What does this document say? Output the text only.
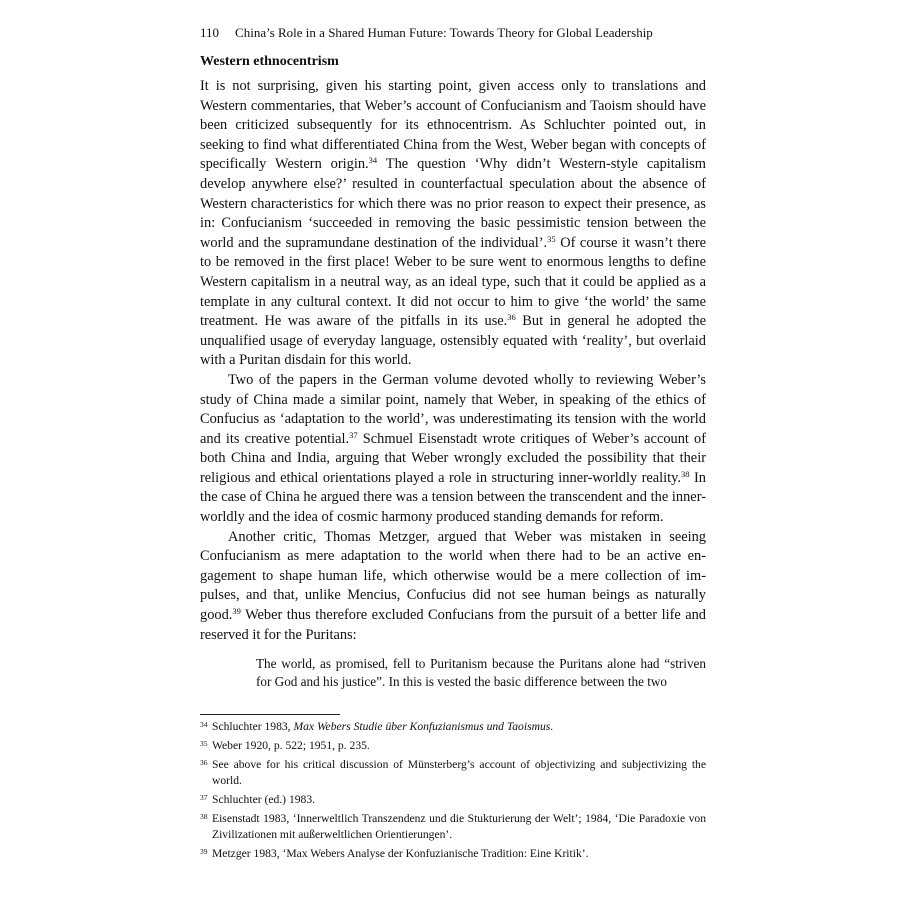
110 China’s Role in a Shared Human Future: Towards Theory for Global Leadership
Western ethnocentrism

It is not surprising, given his starting point, given access only to translations and Western commentaries, that Weber’s account of Confucianism and Taoism should have been criticized subsequently for its ethnocentrism. As Schluchter pointed out, in seeking to find what differentiated China from the West, Weber began with concepts of specifically Western origin.$^{34}$ The question ‘Why didn’t Western-style capitalism develop anywhere else?’ resulted in counterfactual speculation about the absence of Western characteristics for which there was no prior reason to expect their presence, as in: Confucianism ‘succeeded in removing the basic pessimistic tension between the world and the supramundane destination of the individual’.$^{35}$ Of course it wasn’t there to be removed in the first place! Weber to be sure went to enormous lengths to define Western capitalism in a neutral way, as an ideal type, such that it could be applied as a template in any cultural context. It did not occur to him to give ‘the world’ the same treatment. He was aware of the pitfalls in its use.$^{36}$ But in general he adopted the unqualified usage of everyday language, ostensibly equated with ‘reality’, but overlaid with a Puritan disdain for this world.

Two of the papers in the German volume devoted wholly to reviewing Weber’s study of China made a similar point, namely that Weber, in speaking of the ethics of Confucius as ‘adaptation to the world’, was underestimating its tension with the world and its creative potential.$^{37}$ Schmuel Eisenstadt wrote critiques of Weber’s account of both China and India, arguing that Weber wrongly excluded the possibility that their religious and ethical orientations played a role in structuring inner-worldly reality.$^{38}$ In the case of China he argued there was a tension between the transcendent and the inner-worldly and the idea of cosmic harmony produced standing demands for reform.

Another critic, Thomas Metzger, argued that Weber was mistaken in seeing Confucianism as mere adaptation to the world when there had to be an active engagement to shape human life, which otherwise would be a mere collection of impulses, and that, unlike Mencius, Confucius did not see human beings as naturally good.$^{39}$ Weber thus therefore excluded Confucians from the pursuit of a better life and reserved it for the Puritans:

The world, as promised, fell to Puritanism because the Puritans alone had “striven for God and his justice”. In this is vested the basic difference between the two

34 Schluchter 1983, Max Webers Studie über Konfuzianismus und Taoismus.
35 Weber 1920, p. 522; 1951, p. 235.
36 See above for his critical discussion of Münsterberg’s account of objectivizing and subjectivizing the world.
37 Schluchter (ed.) 1983.
38 Eisenstadt 1983, ‘Innerweltlich Transzendenz und die Stukturierung der Welt’; 1984, ‘Die Paradoxie von Zivilizationen mit außerweltlichen Orientierungen’.
39 Metzger 1983, ‘Max Webers Analyse der Konfuzianische Tradition: Eine Kritik’.
